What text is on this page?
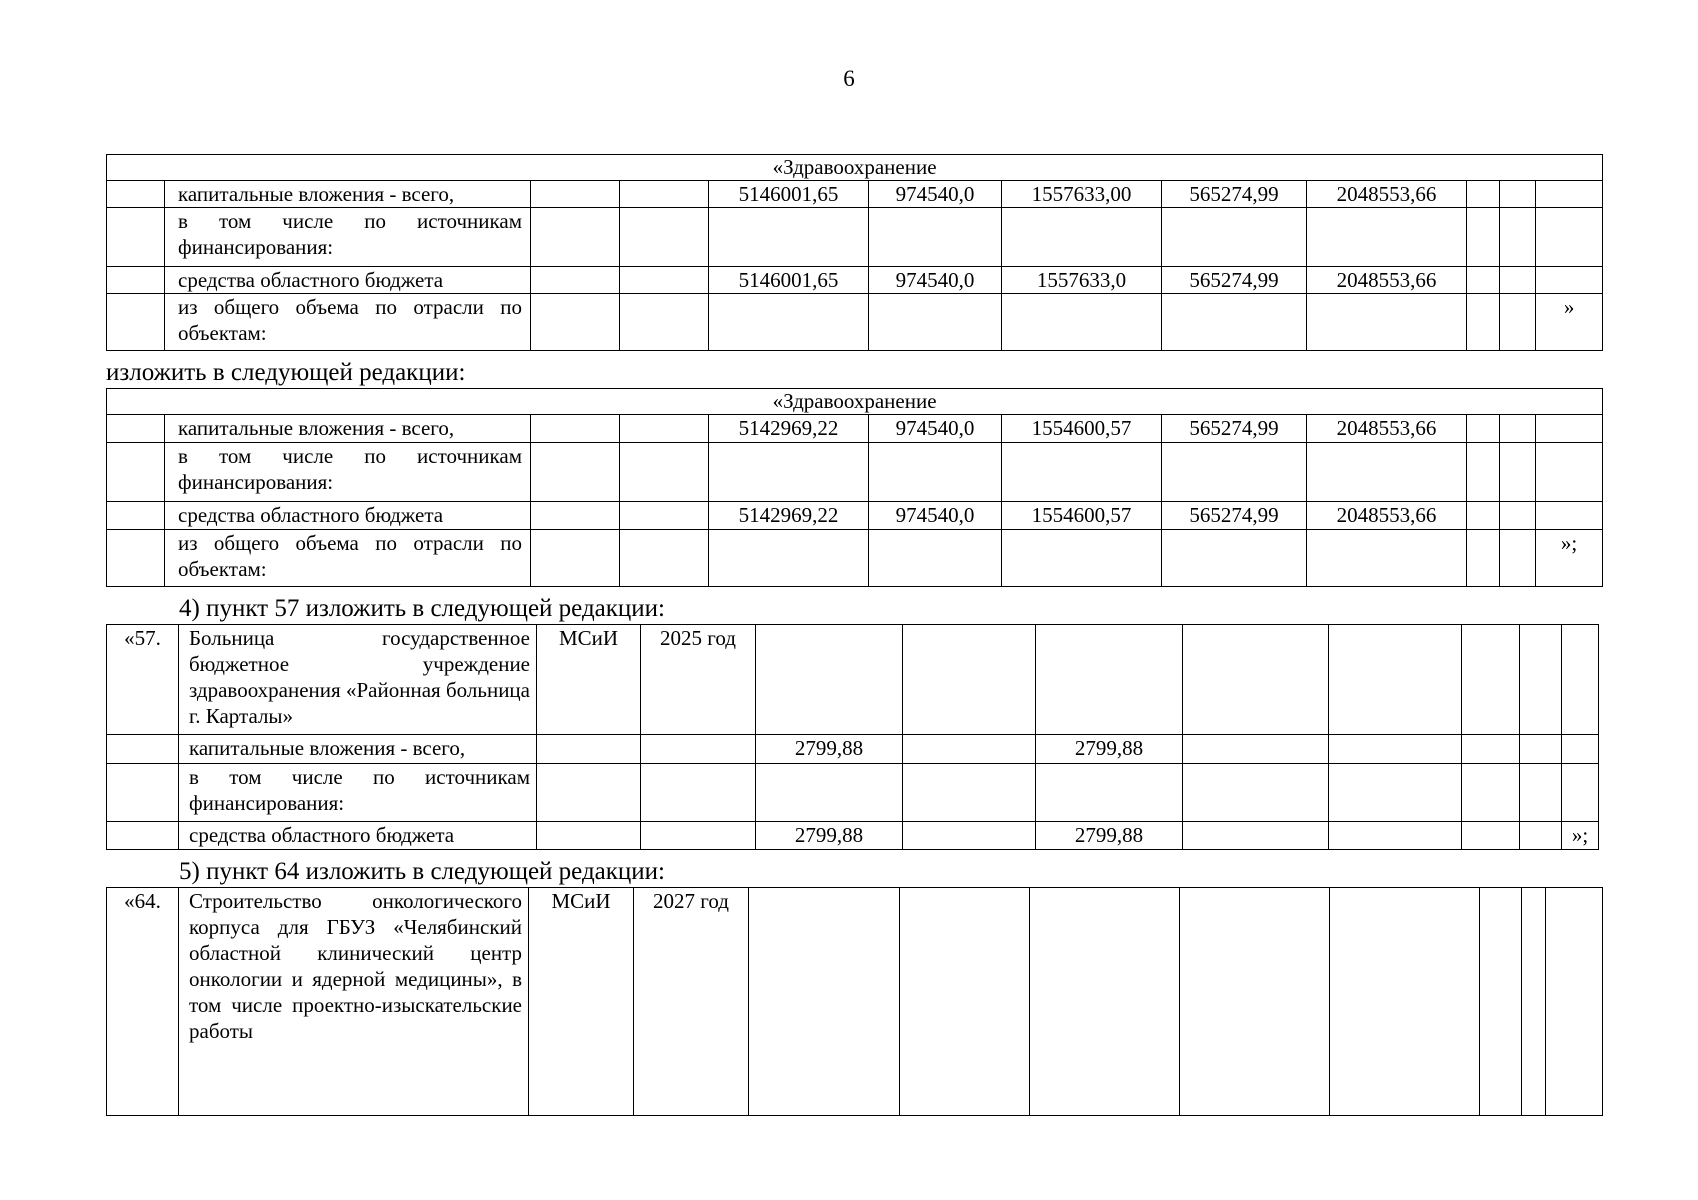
6
«Здравоохранение											
	капитальные вложения - всего,			5146001,65	974540,0	1557633,00	565274,99	2048553,66			
	в том числе по источникам финансирования:										
	средства областного бюджета			5146001,65	974540,0	1557633,0	565274,99	2048553,66			
	из общего объема по отрасли по объектам:										»
изложить в следующей редакции:
«Здравоохранение											
	капитальные вложения - всего,			5142969,22	974540,0	1554600,57	565274,99	2048553,66			
	в том числе по источникам финансирования:										
	средства областного бюджета			5142969,22	974540,0	1554600,57	565274,99	2048553,66			
	из общего объема по отрасли по объектам:										»;
4) пункт 57 изложить в следующей редакции:
«57.	Больница государственное бюджетное учреждение здравоохранения «Районная больница г. Карталы»	МСиИ	2025 год								
	капитальные вложения - всего,			2799,88		2799,88					
	в том числе по источникам финансирования:										
	средства областного бюджета			2799,88		2799,88					»;
5) пункт 64 изложить в следующей редакции:
«64.	Строительство онкологического корпуса для ГБУЗ «Челябинский областной клинический центр онкологии и ядерной медицины», в том числе проектно-изыскательские работы	МСиИ	2027 год								
